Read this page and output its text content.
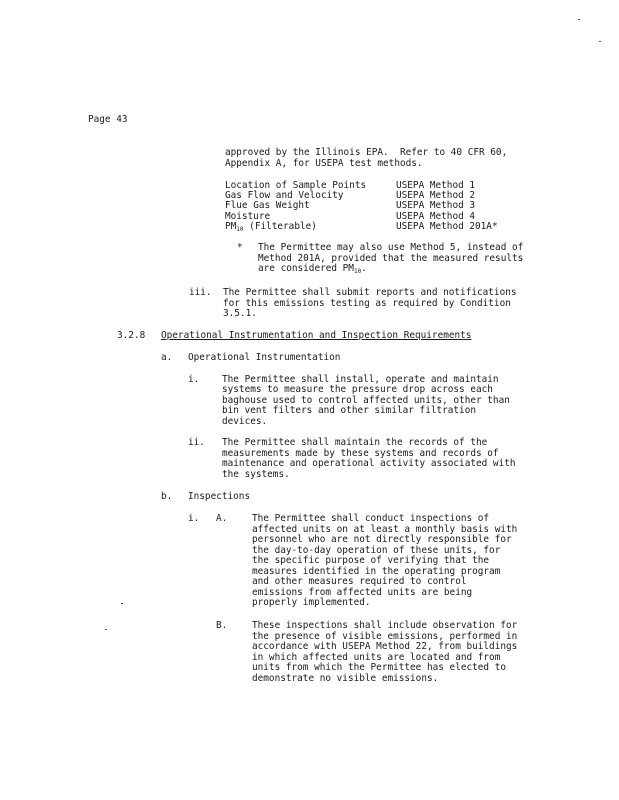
Page 43
approved by the Illinois EPA.  Refer to 40 CFR 60,
Appendix A, for USEPA test methods.
Location of Sample Points	USEPA Method 1
Gas Flow and Velocity	USEPA Method 2
Flue Gas Weight	USEPA Method 3
Moisture	USEPA Method 4
$PM_{10}$ (Filterable)	USEPA Method 201A*
* The Permittee may also use Method 5, instead of
Method 201A, provided that the measured results
are considered $PM_{10}$.
iii. The Permittee shall submit reports and notifications
for this emissions testing as required by Condition
3.5.1.
3.2.8 Operational Instrumentation and Inspection Requirements
a. Operational Instrumentation
i. The Permittee shall install, operate and maintain
systems to measure the pressure drop across each
baghouse used to control affected units, other than
bin vent filters and other similar filtration
devices.
ii. The Permittee shall maintain the records of the
measurements made by these systems and records of
maintenance and operational activity associated with
the systems.
b. Inspections
i. A.	The Permittee shall conduct inspections of
affected units on at least a monthly basis with
personnel who are not directly responsible for
the day-to-day operation of these units, for
the specific purpose of verifying that the
measures identified in the operating program
and other measures required to control
emissions from affected units are being
properly implemented.
B.	These inspections shall include observation for
the presence of visible emissions, performed in
accordance with USEPA Method 22, from buildings
in which affected units are located and from
units from which the Permittee has elected to
demonstrate no visible emissions.
